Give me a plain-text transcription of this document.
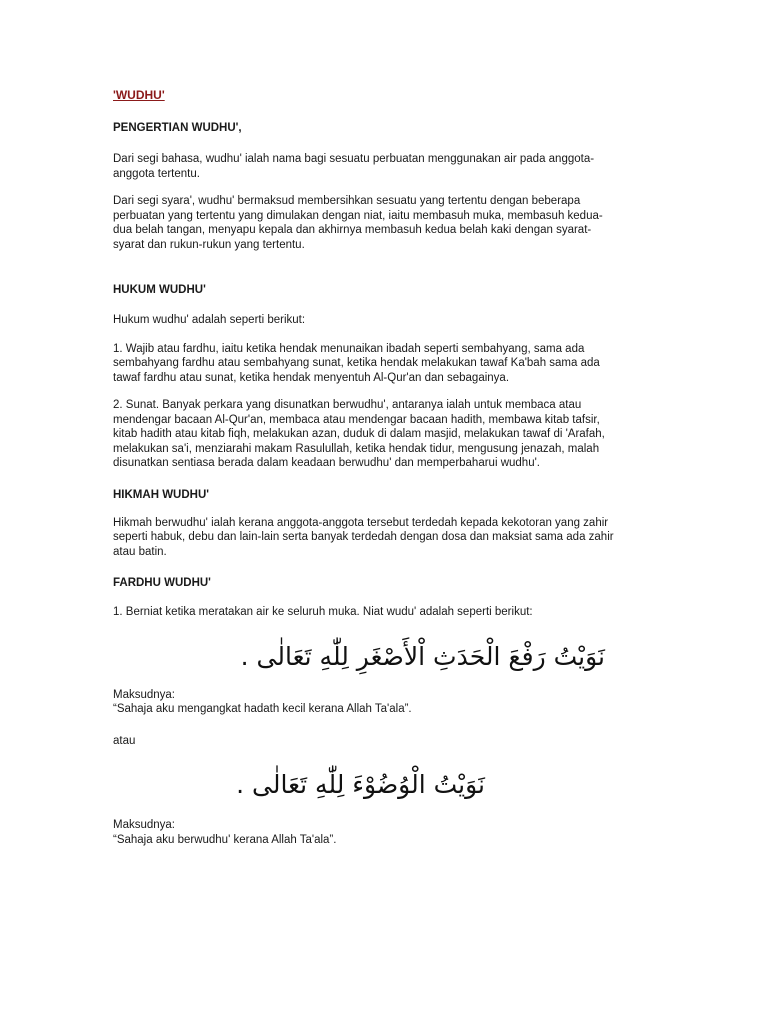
'WUDHU'

PENGERTIAN WUDHU',

Dari segi bahasa, wudhu' ialah nama bagi sesuatu perbuatan menggunakan air pada anggota-

anggota tertentu.

Dari segi syara', wudhu' bermaksud membersihkan sesuatu yang tertentu dengan beberapa

perbuatan yang tertentu yang dimulakan dengan niat, iaitu membasuh muka, membasuh kedua-

dua belah tangan, menyapu kepala dan akhirnya membasuh kedua belah kaki dengan syarat-

syarat dan rukun-rukun yang tertentu.

HUKUM WUDHU'

Hukum wudhu' adalah seperti berikut:

1. Wajib atau fardhu, iaitu ketika hendak menunaikan ibadah seperti sembahyang, sama ada

sembahyang fardhu atau sembahyang sunat, ketika hendak melakukan tawaf Ka'bah sama ada

tawaf fardhu atau sunat, ketika hendak menyentuh Al-Qur'an dan sebagainya.

2. Sunat. Banyak perkara yang disunatkan berwudhu', antaranya ialah untuk membaca atau

mendengar bacaan Al-Qur'an, membaca atau mendengar bacaan hadith, membawa kitab tafsir,

kitab hadith atau kitab fiqh, melakukan azan, duduk di dalam masjid, melakukan tawaf di 'Arafah,

melakukan sa'i, menziarahi makam Rasulullah, ketika hendak tidur, mengusung jenazah, malah

disunatkan sentiasa berada dalam keadaan berwudhu' dan memperbaharui wudhu'.

HIKMAH WUDHU'

Hikmah berwudhu' ialah kerana anggota-anggota tersebut terdedah kepada kekotoran yang zahir

seperti habuk, debu dan lain-lain serta banyak terdedah dengan dosa dan maksiat sama ada zahir

atau batin.

FARDHU WUDHU'

1. Berniat ketika meratakan air ke seluruh muka. Niat wudu' adalah seperti berikut:

نَوَيْتُ رَفْعَ الْحَدَثِ اْلأَصْغَرِ لِلّٰهِ تَعَالٰى .

Maksudnya:

“Sahaja aku mengangkat hadath kecil kerana Allah Ta'ala”.

atau

نَوَيْتُ الْوُضُوْءَ لِلّٰهِ تَعَالٰى .

Maksudnya:

“Sahaja aku berwudhu' kerana Allah Ta'ala”.
